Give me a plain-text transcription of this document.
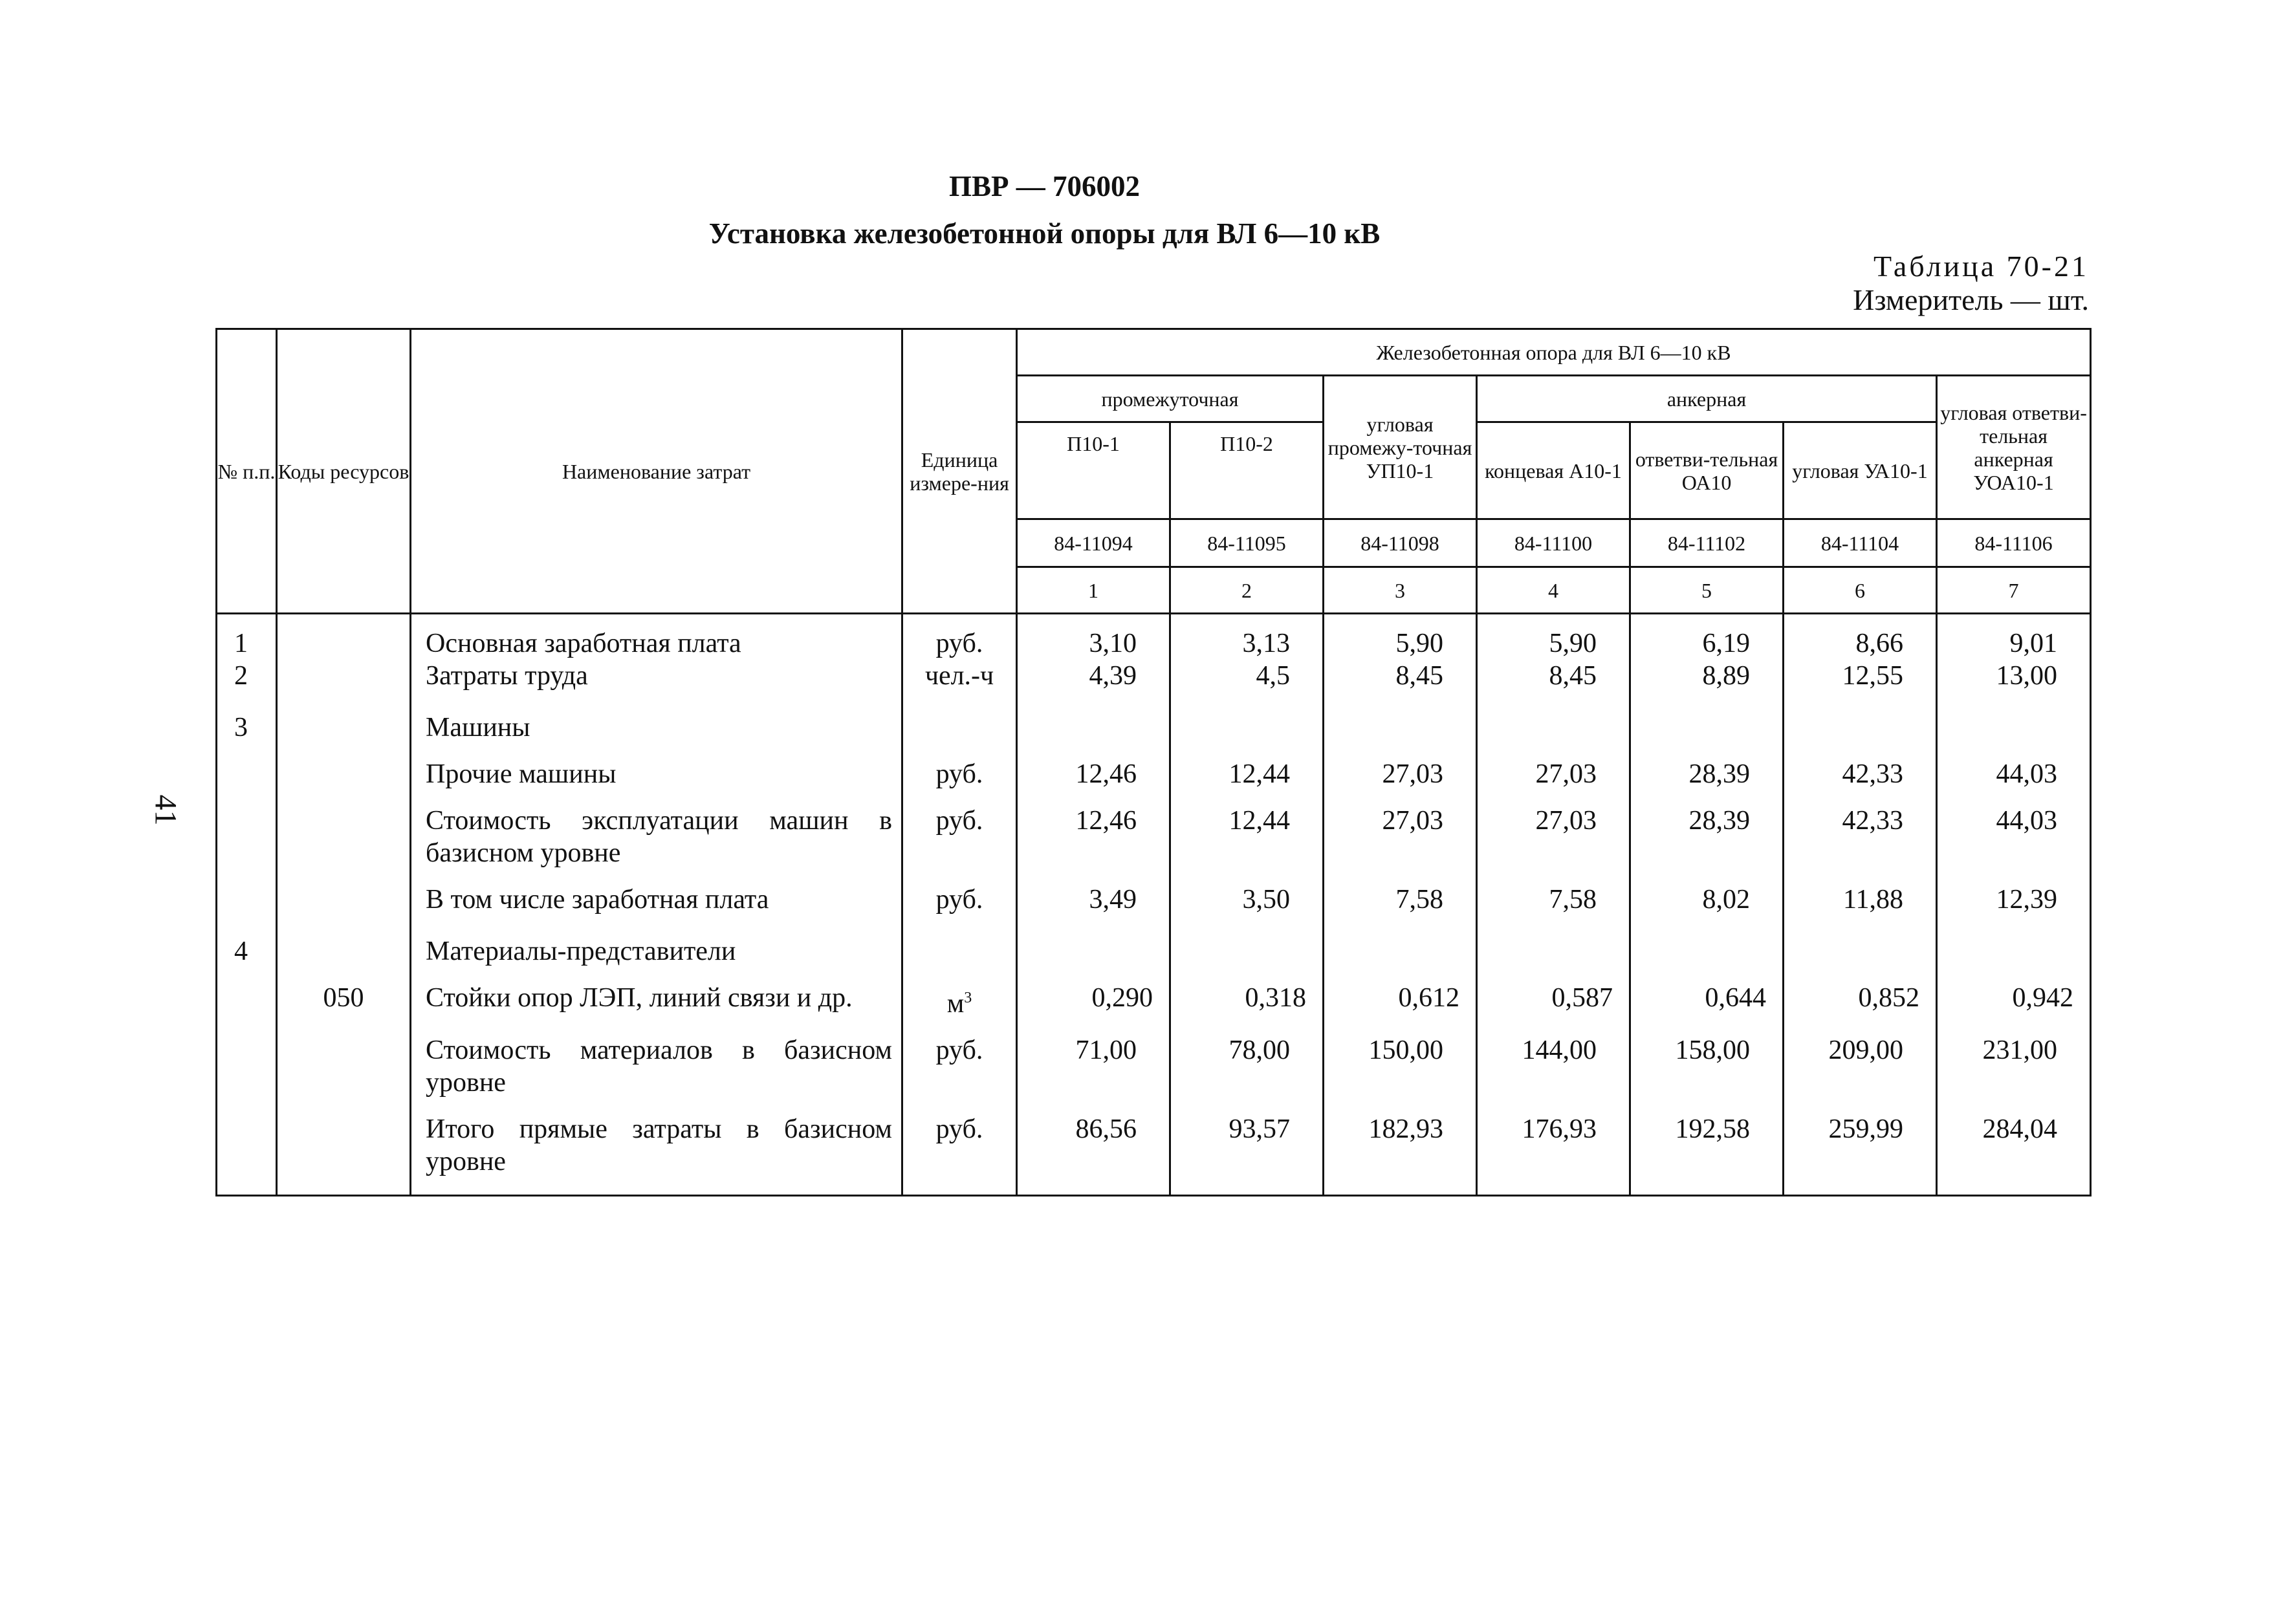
ПВР — 706002
Установка железобетонной опоры для ВЛ 6—10 кВ
Таблица 70-21
Измеритель — шт.
41
№ п.п.	Коды ресурсов	Наименование затрат	Единица измере-ния	Железобетонная опора для ВЛ 6—10 кВ						
				промежуточная		угловая промежу-точная УП10-1	анкерная			угловая ответви-тельная анкерная УОА10-1
				П10-1	П10-2		концевая А10-1	ответви-тельная ОА10	угловая УА10-1	
				84-11094	84-11095	84-11098	84-11100	84-11102	84-11104	84-11106
				1	2	3	4	5	6	7
1		Основная заработная плата	руб.	3,10	3,13	5,90	5,90	6,19	8,66	9,01
2		Затраты труда	чел.-ч	4,39	4,5	8,45	8,45	8,89	12,55	13,00
3		Машины								
		Прочие машины	руб.	12,46	12,44	27,03	27,03	28,39	42,33	44,03
		Стоимость эксплуатации машин в базисном уровне	руб.	12,46	12,44	27,03	27,03	28,39	42,33	44,03
		В том числе заработная плата	руб.	3,49	3,50	7,58	7,58	8,02	11,88	12,39
4		Материалы-представители								
	050	Стойки опор ЛЭП, линий связи и др.	$м^3$	0,290	0,318	0,612	0,587	0,644	0,852	0,942
		Стоимость материалов в базисном уровне	руб.	71,00	78,00	150,00	144,00	158,00	209,00	231,00
		Итого прямые затраты в базисном уровне	руб.	86,56	93,57	182,93	176,93	192,58	259,99	284,04
